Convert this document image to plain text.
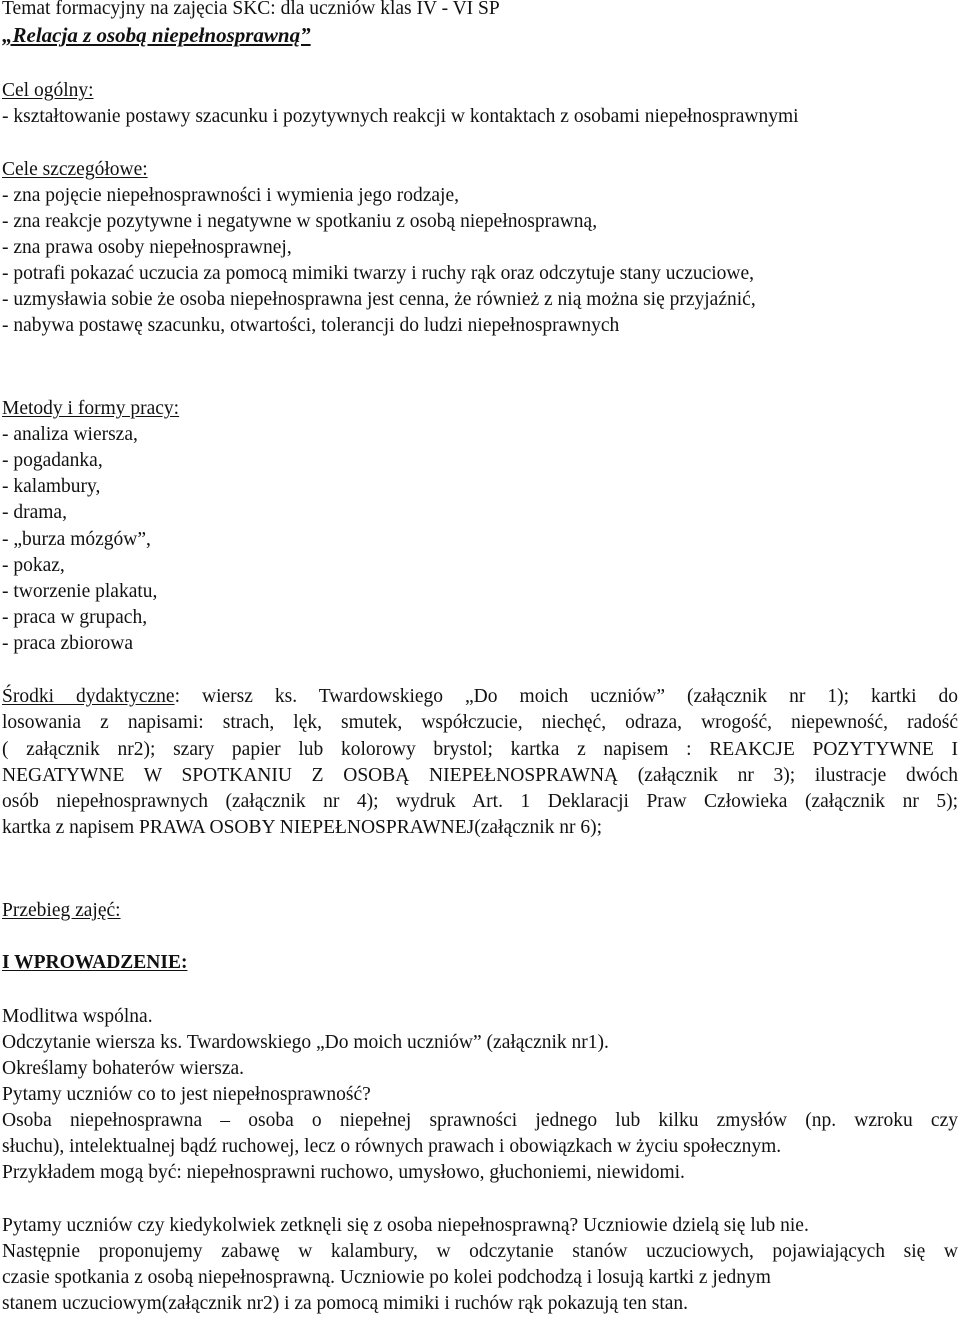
Temat formacyjny na zajęcia SKC: dla uczniów klas IV - VI SP

„Relacja z osobą niepełnosprawną”

Cel ogólny:

- kształtowanie postawy szacunku i pozytywnych reakcji w kontaktach z osobami niepełnosprawnymi

Cele szczegółowe:

- zna pojęcie niepełnosprawności i wymienia jego rodzaje,

- zna reakcje pozytywne i negatywne w spotkaniu z osobą niepełnosprawną,

- zna prawa osoby niepełnosprawnej,

- potrafi pokazać uczucia za pomocą mimiki twarzy i ruchy rąk oraz odczytuje stany uczuciowe,

- uzmysławia sobie że osoba niepełnosprawna jest cenna, że również z nią można się przyjaźnić,

- nabywa postawę szacunku, otwartości, tolerancji do ludzi niepełnosprawnych

Metody i formy pracy:

- analiza wiersza,

- pogadanka,

- kalambury,

- drama,

- „burza mózgów”,

- pokaz,

- tworzenie plakatu,

- praca w grupach,

- praca zbiorowa

Środki dydaktyczne: wiersz ks. Twardowskiego „Do moich uczniów” (załącznik nr 1); kartki do

losowania z napisami: strach, lęk, smutek, współczucie, niechęć, odraza, wrogość, niepewność, radość

( załącznik nr2); szary papier lub kolorowy brystol; kartka z napisem : REAKCJE POZYTYWNE I

NEGATYWNE W SPOTKANIU Z OSOBĄ NIEPEŁNOSPRAWNĄ (załącznik nr 3); ilustracje dwóch

osób niepełnosprawnych (załącznik nr 4); wydruk Art. 1 Deklaracji Praw Człowieka (załącznik nr 5);

kartka z napisem PRAWA OSOBY NIEPEŁNOSPRAWNEJ(załącznik nr 6);

Przebieg zajęć:

I WPROWADZENIE:

Modlitwa wspólna.

Odczytanie wiersza ks. Twardowskiego „Do moich uczniów” (załącznik nr1).

Określamy bohaterów wiersza.

Pytamy uczniów co to jest niepełnosprawność?

Osoba niepełnosprawna – osoba o niepełnej sprawności jednego lub kilku zmysłów (np. wzroku czy

słuchu), intelektualnej bądź ruchowej, lecz o równych prawach i obowiązkach w życiu społecznym.

Przykładem mogą być: niepełnosprawni ruchowo, umysłowo, głuchoniemi, niewidomi.

Pytamy uczniów czy kiedykolwiek zetknęli się z osoba niepełnosprawną? Uczniowie dzielą się lub nie.

Następnie proponujemy zabawę w kalambury, w odczytanie stanów uczuciowych, pojawiających się w

czasie spotkania z osobą niepełnosprawną. Uczniowie po kolei podchodzą i losują kartki z jednym

stanem uczuciowym(załącznik nr2) i za pomocą mimiki i ruchów rąk pokazują ten stan.
